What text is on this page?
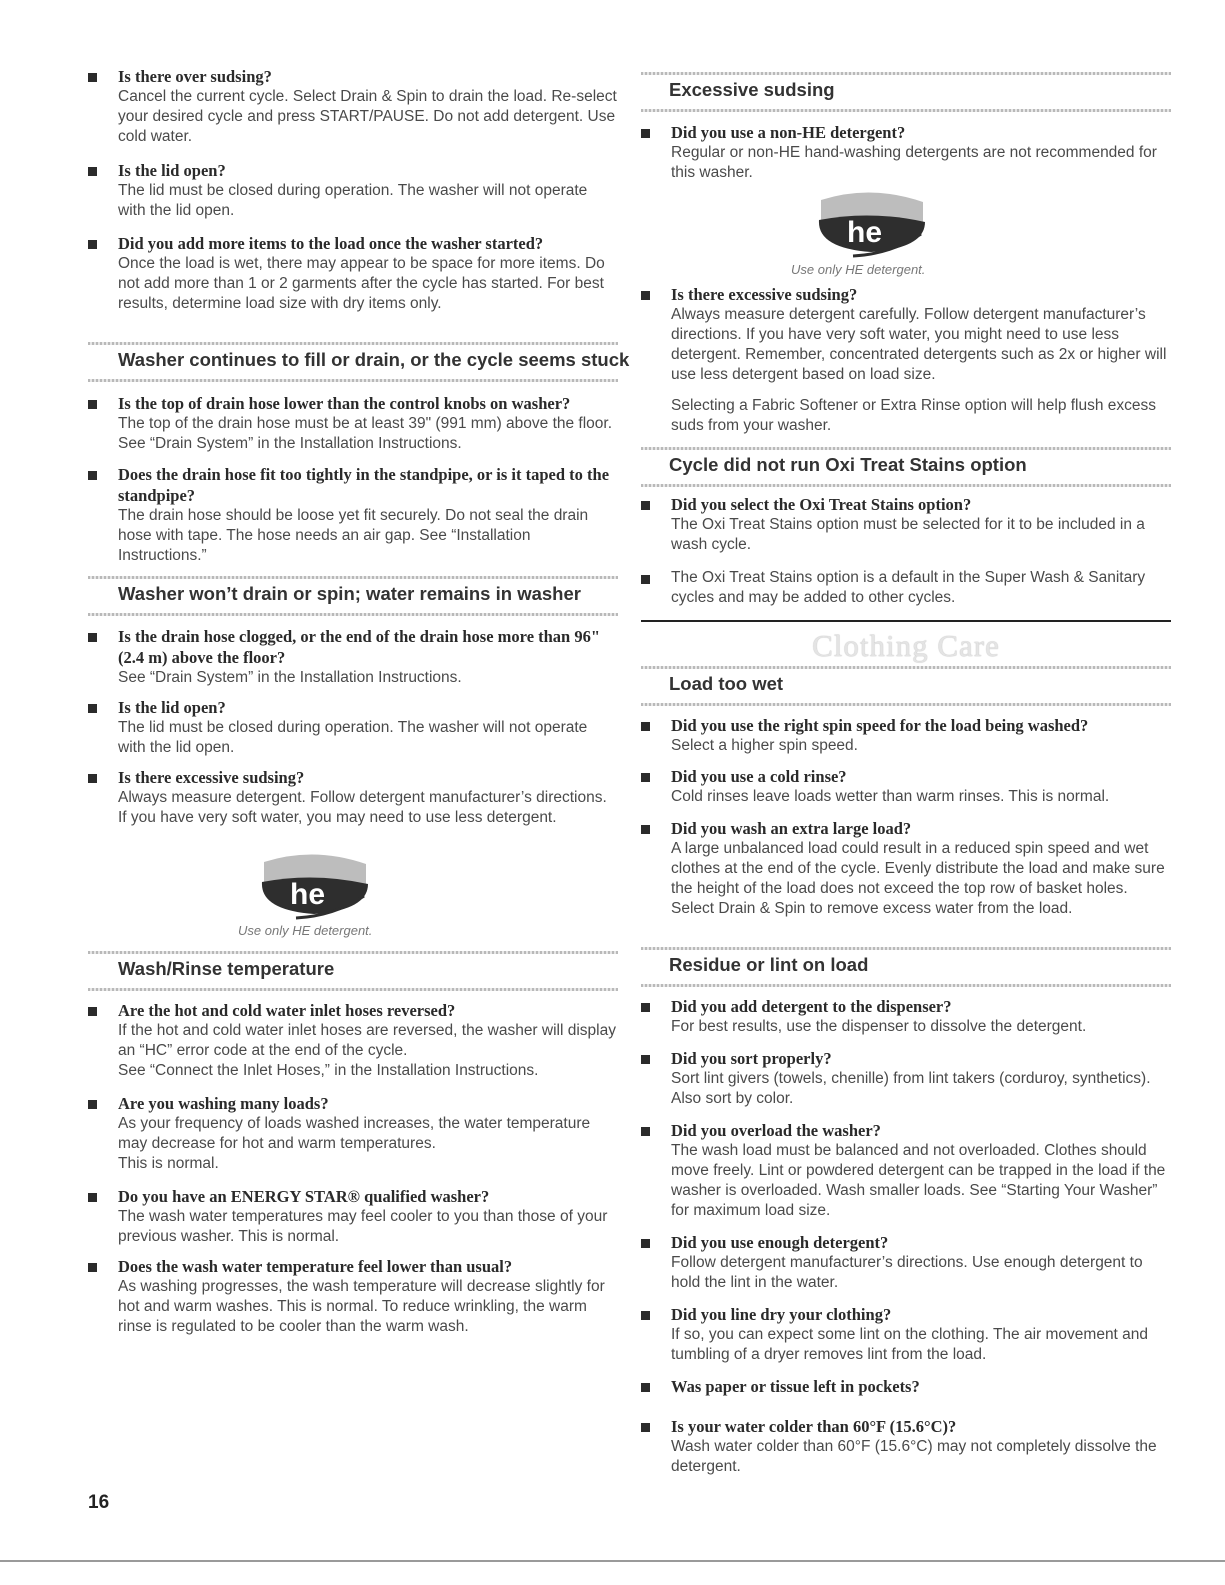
Is there over sudsing?
Cancel the current cycle. Select Drain & Spin to drain the load. Re-select your desired cycle and press START/PAUSE. Do not add detergent. Use cold water.
Is the lid open?
The lid must be closed during operation. The washer will not operate with the lid open.
Did you add more items to the load once the washer started?
Once the load is wet, there may appear to be space for more items. Do not add more than 1 or 2 garments after the cycle has started. For best results, determine load size with dry items only.
Washer continues to fill or drain, or the cycle seems stuck
Is the top of drain hose lower than the control knobs on washer?
The top of the drain hose must be at least 39" (991 mm) above the floor. See “Drain System” in the Installation Instructions.
Does the drain hose fit too tightly in the standpipe, or is it taped to the standpipe?
The drain hose should be loose yet fit securely. Do not seal the drain hose with tape. The hose needs an air gap. See “Installation Instructions.”
Washer won’t drain or spin; water remains in washer
Is the drain hose clogged, or the end of the drain hose more than 96" (2.4 m) above the floor?
See “Drain System” in the Installation Instructions.
Is the lid open?
The lid must be closed during operation. The washer will not operate with the lid open.
Is there excessive sudsing?
Always measure detergent. Follow detergent manufacturer’s directions. If you have very soft water, you may need to use less detergent.
he
Use only HE detergent.
Wash/Rinse temperature
Are the hot and cold water inlet hoses reversed?
If the hot and cold water inlet hoses are reversed, the washer will display an “HC” error code at the end of the cycle.
See “Connect the Inlet Hoses,” in the Installation Instructions.
Are you washing many loads?
As your frequency of loads washed increases, the water temperature may decrease for hot and warm temperatures.
This is normal.
Do you have an ENERGY STAR® qualified washer?
The wash water temperatures may feel cooler to you than those of your previous washer. This is normal.
Does the wash water temperature feel lower than usual?
As washing progresses, the wash temperature will decrease slightly for hot and warm washes. This is normal. To reduce wrinkling, the warm rinse is regulated to be cooler than the warm wash.
Excessive sudsing
Did you use a non-HE detergent?
Regular or non-HE hand-washing detergents are not recommended for this washer.
he
Use only HE detergent.
Is there excessive sudsing?
Always measure detergent carefully. Follow detergent manufacturer’s directions. If you have very soft water, you might need to use less detergent. Remember, concentrated detergents such as 2x or higher will use less detergent based on load size.
Selecting a Fabric Softener or Extra Rinse option will help flush excess suds from your washer.
Cycle did not run Oxi Treat Stains option
Did you select the Oxi Treat Stains option?
The Oxi Treat Stains option must be selected for it to be included in a wash cycle.
The Oxi Treat Stains option is a default in the Super Wash & Sanitary cycles and may be added to other cycles.
Clothing Care
Load too wet
Did you use the right spin speed for the load being washed?
Select a higher spin speed.
Did you use a cold rinse?
Cold rinses leave loads wetter than warm rinses. This is normal.
Did you wash an extra large load?
A large unbalanced load could result in a reduced spin speed and wet clothes at the end of the cycle. Evenly distribute the load and make sure the height of the load does not exceed the top row of basket holes. Select Drain & Spin to remove excess water from the load.
Residue or lint on load
Did you add detergent to the dispenser?
For best results, use the dispenser to dissolve the detergent.
Did you sort properly?
Sort lint givers (towels, chenille) from lint takers (corduroy, synthetics). Also sort by color.
Did you overload the washer?
The wash load must be balanced and not overloaded. Clothes should move freely. Lint or powdered detergent can be trapped in the load if the washer is overloaded. Wash smaller loads. See “Starting Your Washer” for maximum load size.
Did you use enough detergent?
Follow detergent manufacturer’s directions. Use enough detergent to hold the lint in the water.
Did you line dry your clothing?
If so, you can expect some lint on the clothing. The air movement and tumbling of a dryer removes lint from the load.
Was paper or tissue left in pockets?
Is your water colder than 60°F (15.6°C)?
Wash water colder than 60°F (15.6°C) may not completely dissolve the detergent.
16
